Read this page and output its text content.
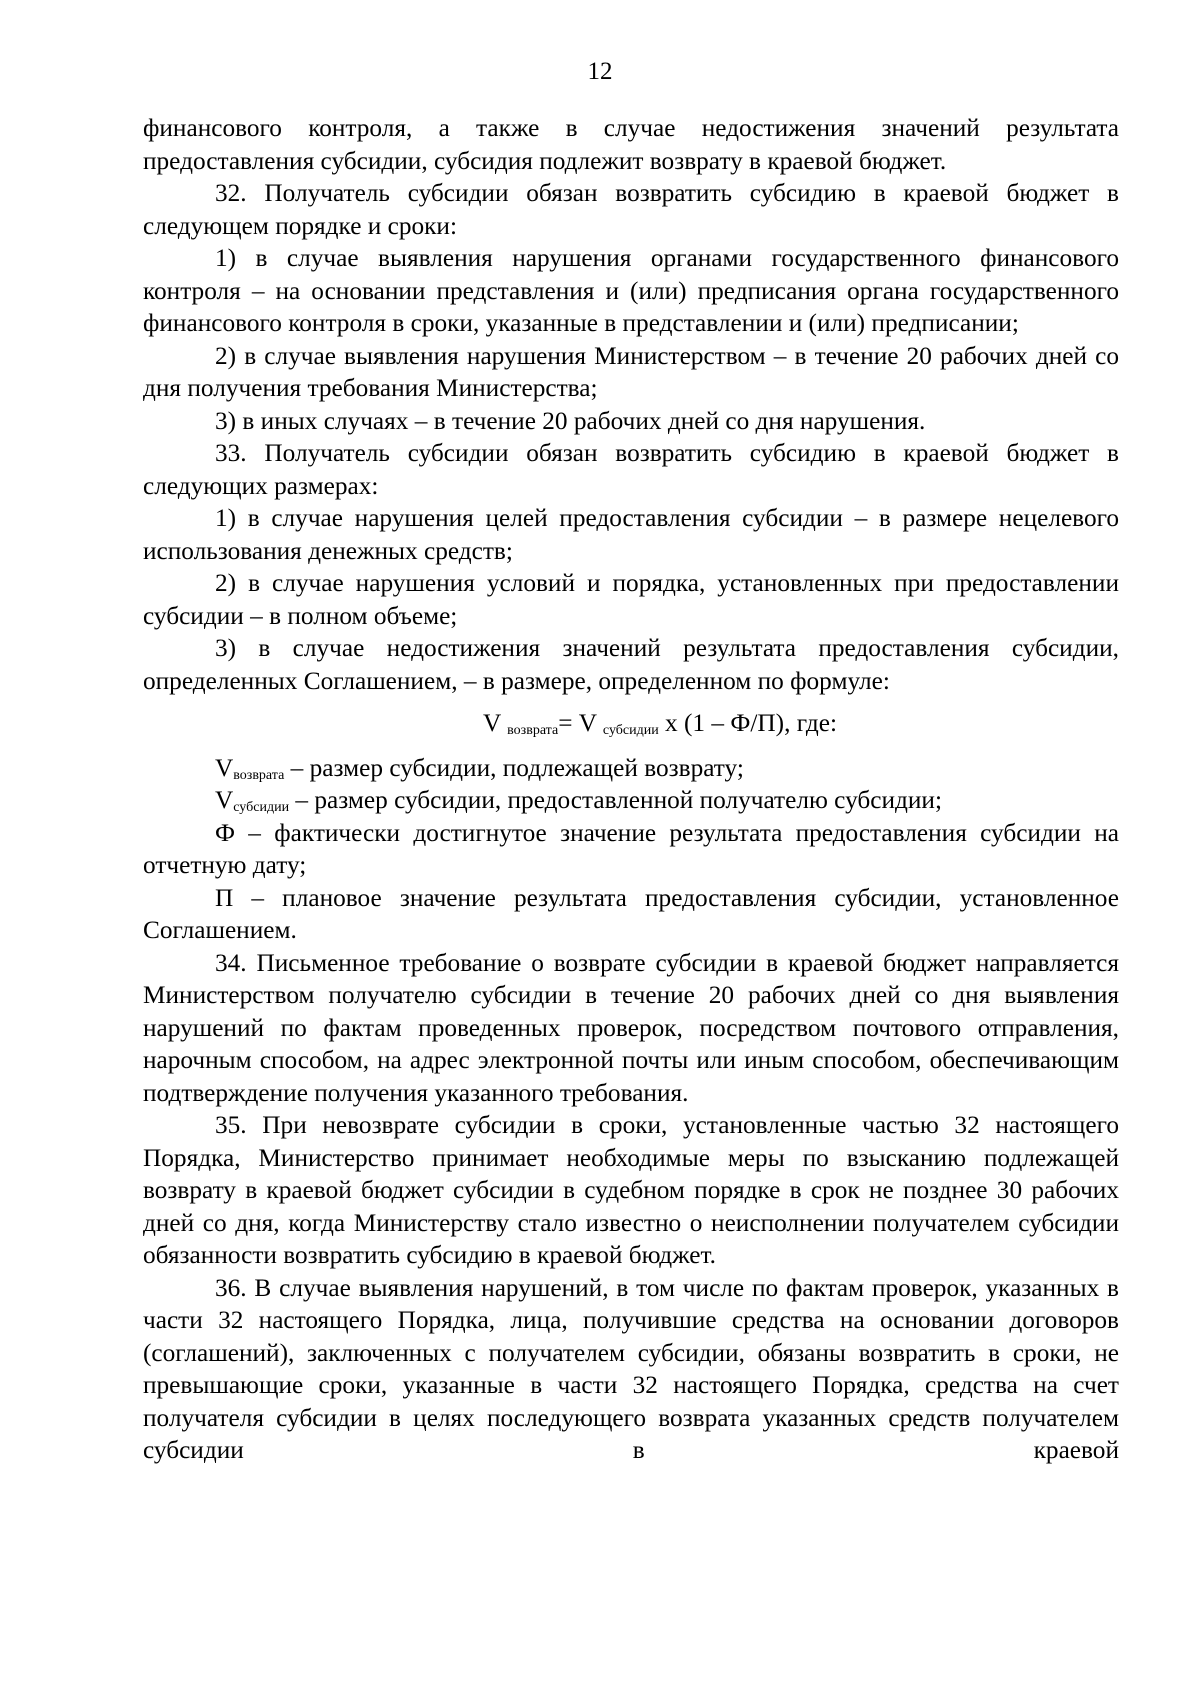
12

финансового контроля, а также в случае недостижения значений результата предоставления субсидии, субсидия подлежит возврату в краевой бюджет.

32. Получатель субсидии обязан возвратить субсидию в краевой бюджет в следующем порядке и сроки:

1) в случае выявления нарушения органами государственного финансового контроля – на основании представления и (или) предписания органа государственного финансового контроля в сроки, указанные в представлении и (или) предписании;

2) в случае выявления нарушения Министерством – в течение 20 рабочих дней со дня получения требования Министерства;

3) в иных случаях – в течение 20 рабочих дней со дня нарушения.

33. Получатель субсидии обязан возвратить субсидию в краевой бюджет в следующих размерах:

1) в случае нарушения целей предоставления субсидии – в размере нецелевого использования денежных средств;

2) в случае нарушения условий и порядка, установленных при предоставлении субсидии – в полном объеме;

3) в случае недостижения значений результата предоставления субсидии, определенных Соглашением, – в размере, определенном по формуле:

V $_{возврата}$= V $_{субсидии}$ х (1 – Ф/П), где:

$V_{возврата}$ – размер субсидии, подлежащей возврату;

$V_{субсидии}$ – размер субсидии, предоставленной получателю субсидии;

Ф – фактически достигнутое значение результата предоставления субсидии на отчетную дату;

П – плановое значение результата предоставления субсидии, установленное Соглашением.

34. Письменное требование о возврате субсидии в краевой бюджет направляется Министерством получателю субсидии в течение 20 рабочих дней со дня выявления нарушений по фактам проведенных проверок, посредством почтового отправления, нарочным способом, на адрес электронной почты или иным способом, обеспечивающим подтверждение получения указанного требования.

35. При невозврате субсидии в сроки, установленные частью 32 настоящего Порядка, Министерство принимает необходимые меры по взысканию подлежащей возврату в краевой бюджет субсидии в судебном порядке в срок не позднее 30 рабочих дней со дня, когда Министерству стало известно о неисполнении получателем субсидии обязанности возвратить субсидию в краевой бюджет.

36. В случае выявления нарушений, в том числе по фактам проверок, указанных в части 32 настоящего Порядка, лица, получившие средства на основании договоров (соглашений), заключенных с получателем субсидии, обязаны возвратить в сроки, не превышающие сроки, указанные в части 32 настоящего Порядка, средства на счет получателя субсидии в целях последующего возврата указанных средств получателем субсидии в краевой
